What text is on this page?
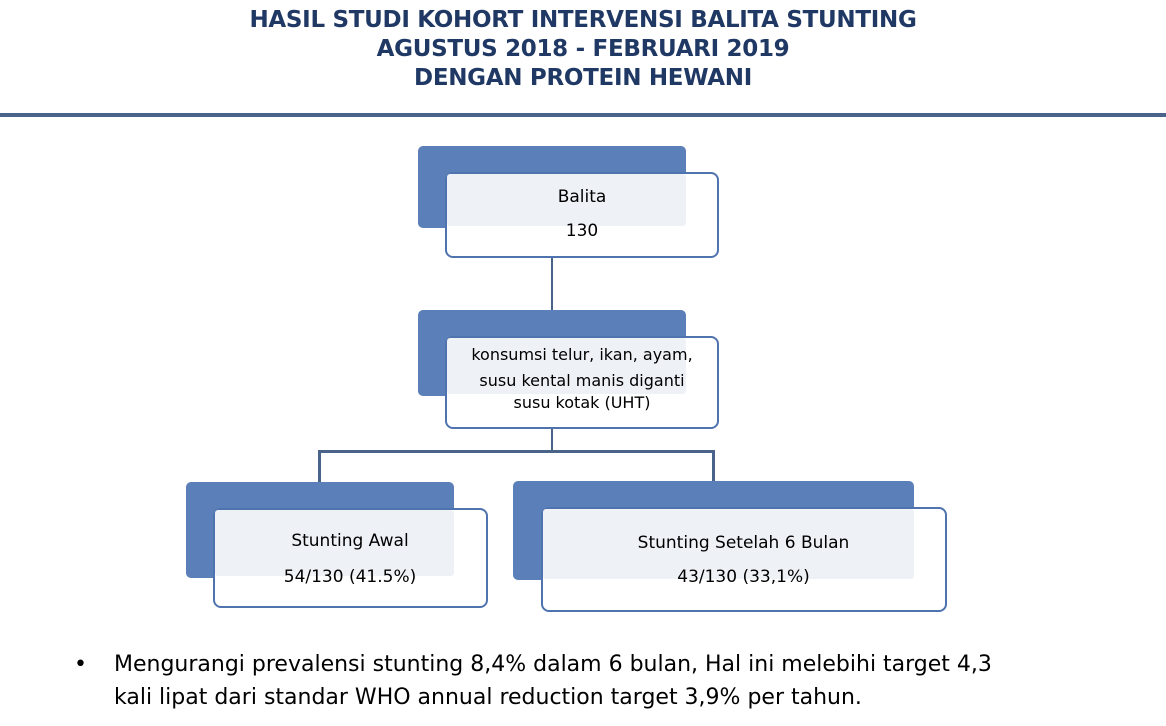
HASIL STUDI KOHORT INTERVENSI BALITA STUNTING
AGUSTUS 2018 - FEBRUARI 2019
DENGAN PROTEIN HEWANI
Balita
130
konsumsi telur, ikan, ayam,
susu kental manis diganti
susu kotak (UHT)
Stunting Awal
54/130 (41.5%)
Stunting Setelah 6 Bulan
43/130 (33,1%)
• Mengurangi prevalensi stunting 8,4% dalam 6 bulan, Hal ini melebihi target 4,3
kali lipat dari standar WHO annual reduction target 3,9% per tahun.
